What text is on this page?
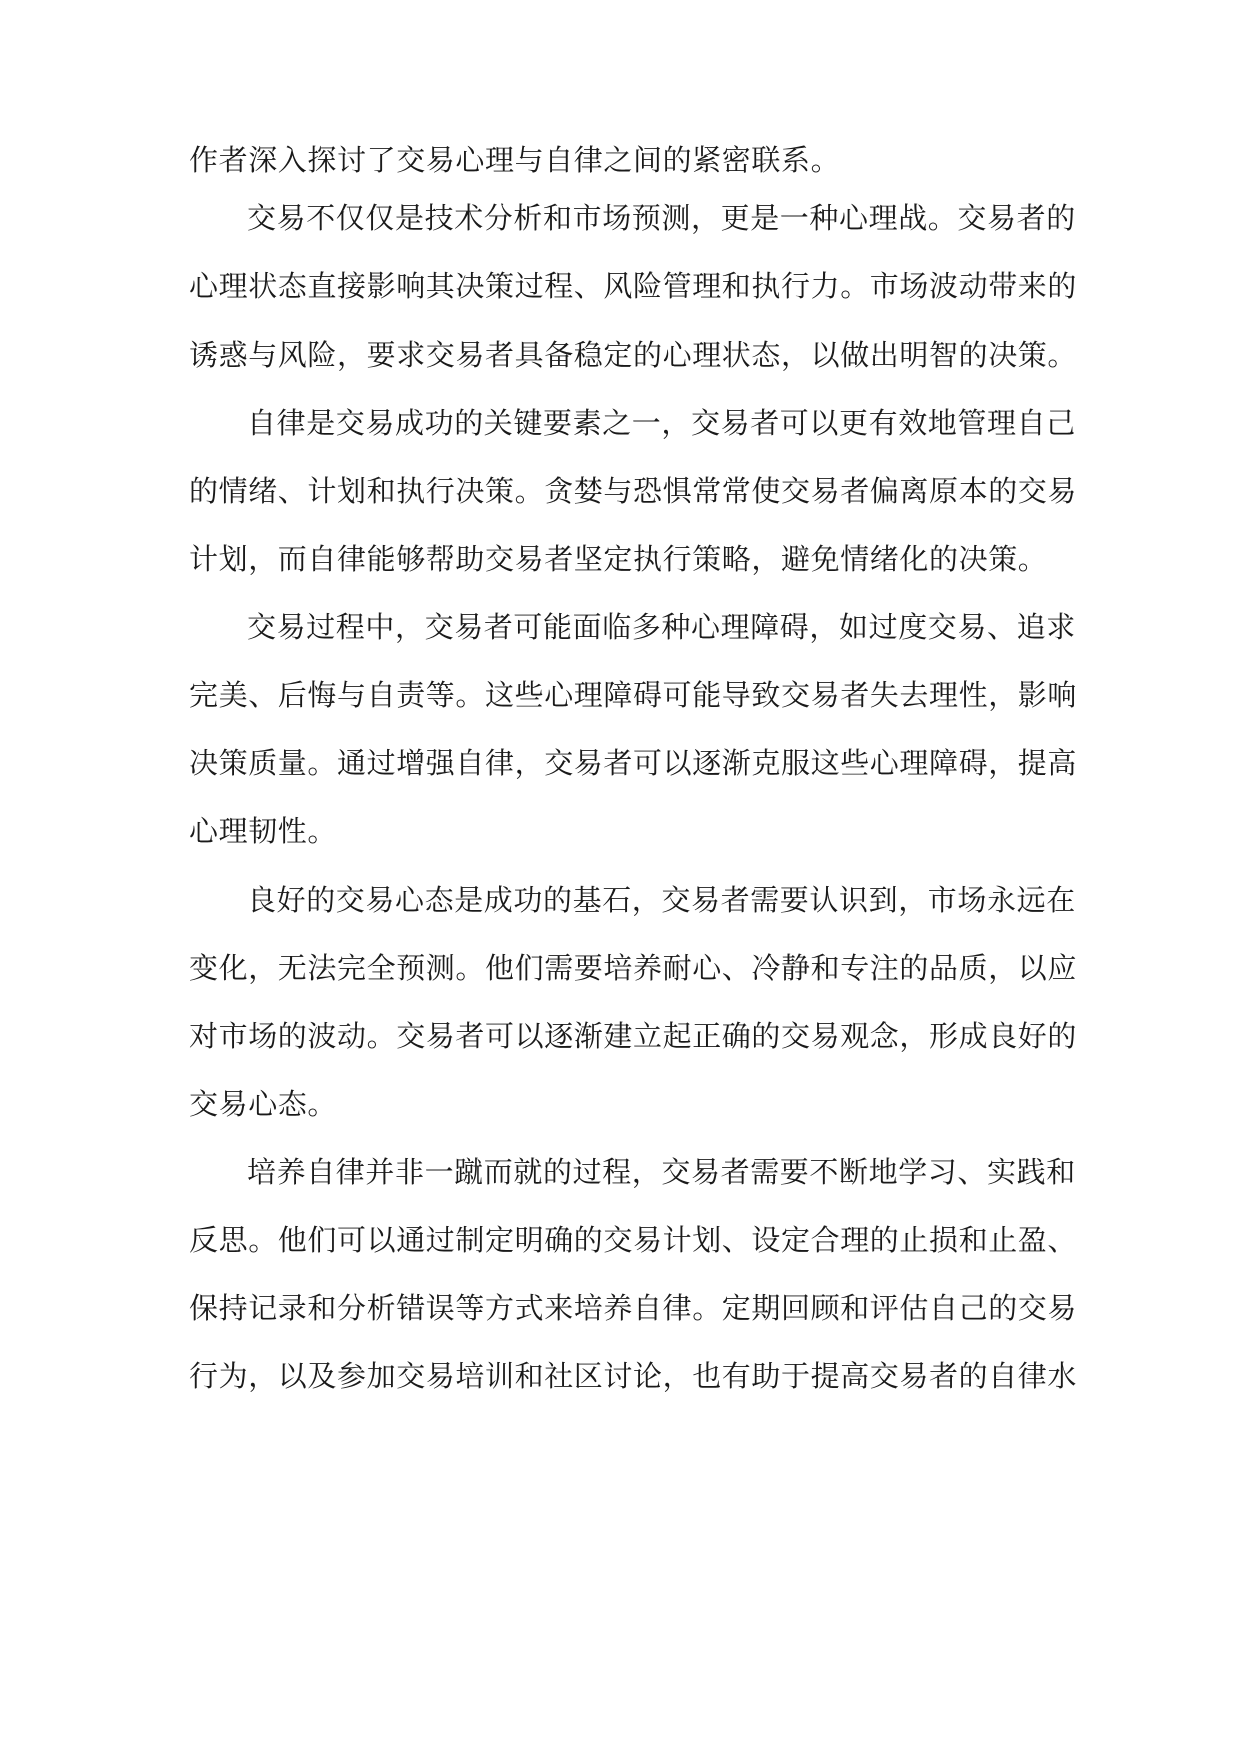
作者深入探讨了交易心理与自律之间的紧密联系。
交易不仅仅是技术分析和市场预测，更是一种心理战。交易者的
心理状态直接影响其决策过程、风险管理和执行力。市场波动带来的
诱惑与风险，要求交易者具备稳定的心理状态，以做出明智的决策。
自律是交易成功的关键要素之一，交易者可以更有效地管理自己
的情绪、计划和执行决策。贪婪与恐惧常常使交易者偏离原本的交易
计划，而自律能够帮助交易者坚定执行策略，避免情绪化的决策。
交易过程中，交易者可能面临多种心理障碍，如过度交易、追求
完美、后悔与自责等。这些心理障碍可能导致交易者失去理性，影响
决策质量。通过增强自律，交易者可以逐渐克服这些心理障碍，提高
心理韧性。
良好的交易心态是成功的基石，交易者需要认识到，市场永远在
变化，无法完全预测。他们需要培养耐心、冷静和专注的品质，以应
对市场的波动。交易者可以逐渐建立起正确的交易观念，形成良好的
交易心态。
培养自律并非一蹴而就的过程，交易者需要不断地学习、实践和
反思。他们可以通过制定明确的交易计划、设定合理的止损和止盈、
保持记录和分析错误等方式来培养自律。定期回顾和评估自己的交易
行为，以及参加交易培训和社区讨论，也有助于提高交易者的自律水
